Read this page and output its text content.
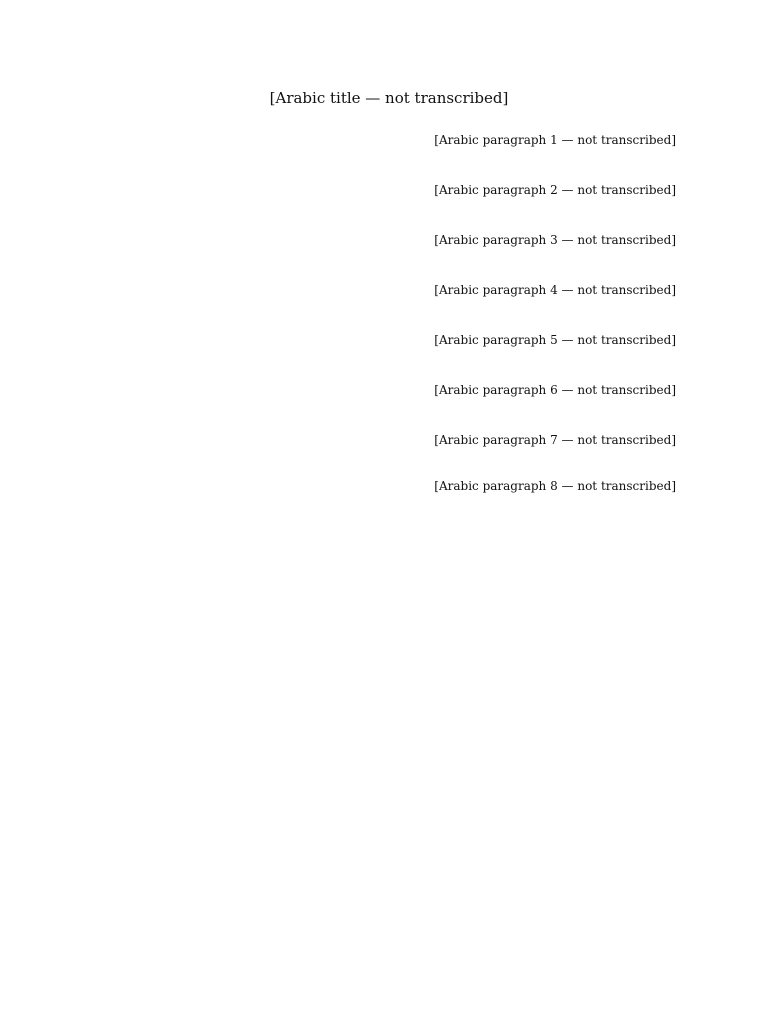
[Arabic title — not transcribed]

[Arabic paragraph 1 — not transcribed]

[Arabic paragraph 2 — not transcribed]

[Arabic paragraph 3 — not transcribed]

[Arabic paragraph 4 — not transcribed]

[Arabic paragraph 5 — not transcribed]

[Arabic paragraph 6 — not transcribed]

[Arabic paragraph 7 — not transcribed]

[Arabic paragraph 8 — not transcribed]
